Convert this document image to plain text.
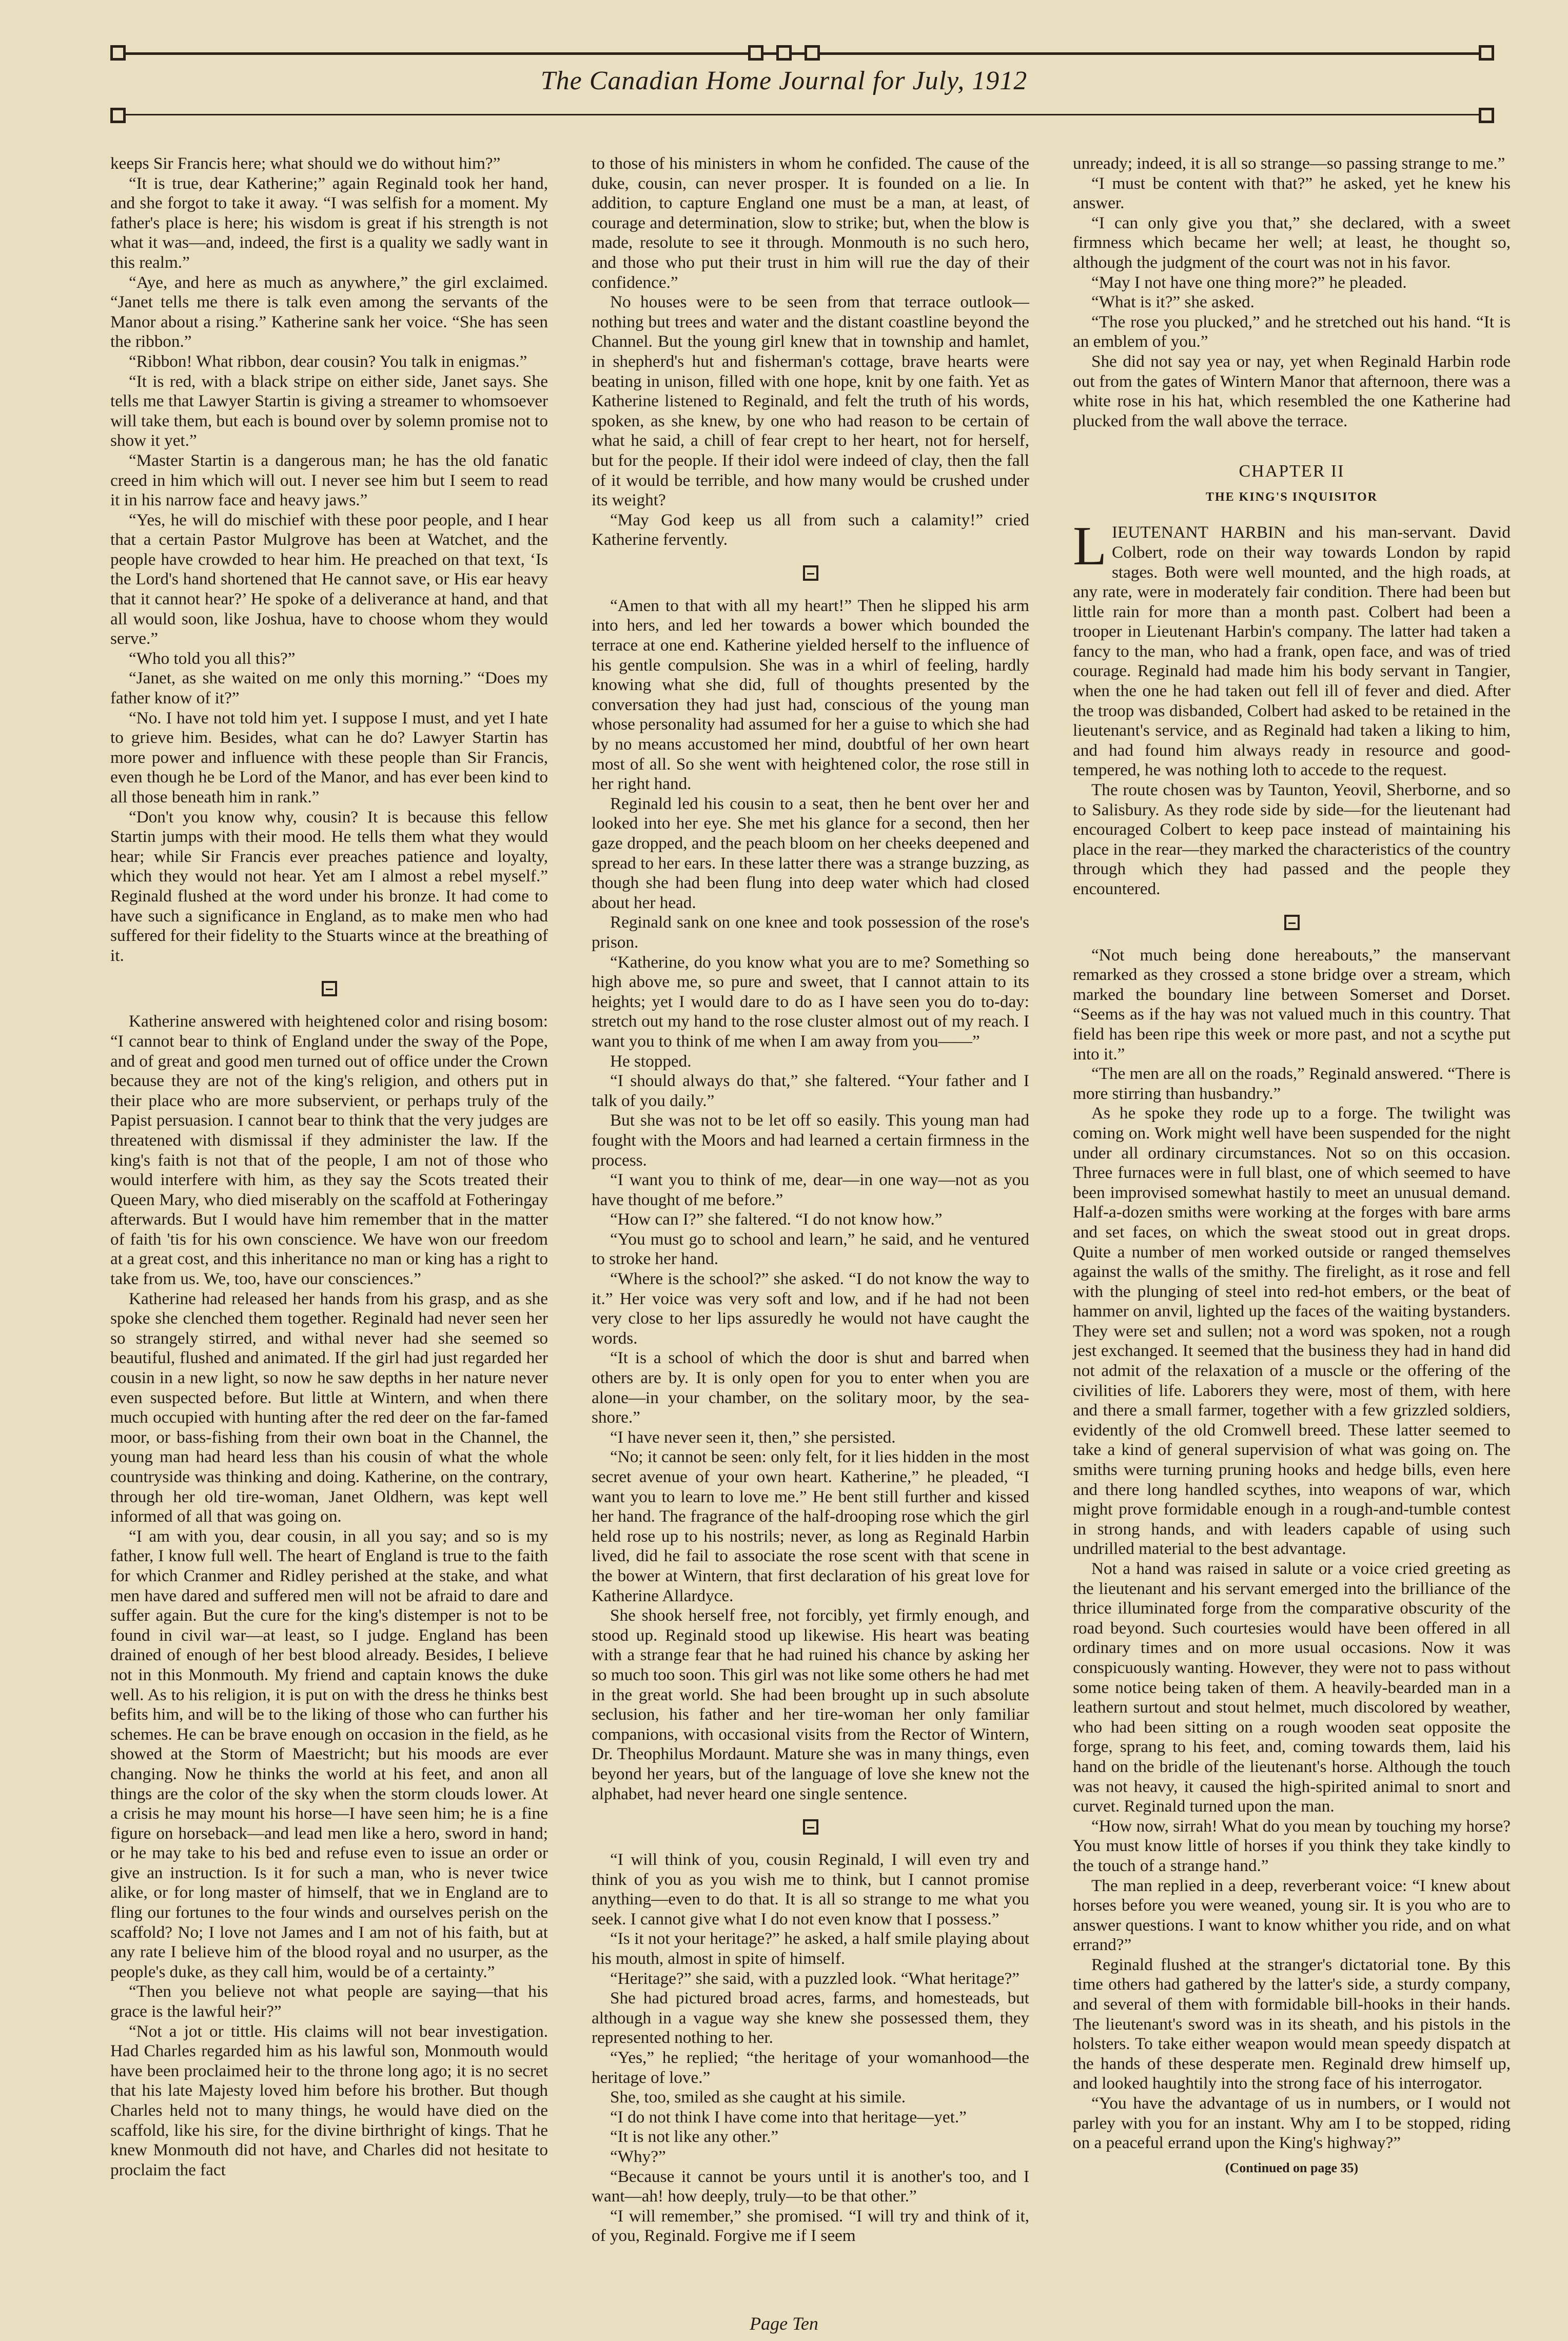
The Canadian Home Journal for July, 1912

keeps Sir Francis here; what should we do without him?”

“It is true, dear Katherine;” again Reginald took her hand, and she forgot to take it away. “I was selfish for a moment. My father's place is here; his wisdom is great if his strength is not what it was—and, indeed, the first is a quality we sadly want in this realm.”

“Aye, and here as much as anywhere,” the girl exclaimed. “Janet tells me there is talk even among the servants of the Manor about a rising.” Katherine sank her voice. “She has seen the ribbon.”

“Ribbon! What ribbon, dear cousin? You talk in enigmas.”

“It is red, with a black stripe on either side, Janet says. She tells me that Lawyer Startin is giving a streamer to whomsoever will take them, but each is bound over by solemn promise not to show it yet.”

“Master Startin is a dangerous man; he has the old fanatic creed in him which will out. I never see him but I seem to read it in his narrow face and heavy jaws.”

“Yes, he will do mischief with these poor people, and I hear that a certain Pastor Mulgrove has been at Watchet, and the people have crowded to hear him. He preached on that text, ‘Is the Lord's hand shortened that He cannot save, or His ear heavy that it cannot hear?’ He spoke of a deliverance at hand, and that all would soon, like Joshua, have to choose whom they would serve.”

“Who told you all this?”

“Janet, as she waited on me only this morning.” “Does my father know of it?”

“No. I have not told him yet. I suppose I must, and yet I hate to grieve him. Besides, what can he do? Lawyer Startin has more power and influence with these people than Sir Francis, even though he be Lord of the Manor, and has ever been kind to all those beneath him in rank.”

“Don't you know why, cousin? It is because this fellow Startin jumps with their mood. He tells them what they would hear; while Sir Francis ever preaches patience and loyalty, which they would not hear. Yet am I almost a rebel myself.” Reginald flushed at the word under his bronze. It had come to have such a significance in England, as to make men who had suffered for their fidelity to the Stuarts wince at the breathing of it.

Katherine answered with heightened color and rising bosom: “I cannot bear to think of England under the sway of the Pope, and of great and good men turned out of office under the Crown because they are not of the king's religion, and others put in their place who are more subservient, or perhaps truly of the Papist persuasion. I cannot bear to think that the very judges are threatened with dismissal if they administer the law. If the king's faith is not that of the people, I am not of those who would interfere with him, as they say the Scots treated their Queen Mary, who died miserably on the scaffold at Fotheringay afterwards. But I would have him remember that in the matter of faith 'tis for his own conscience. We have won our freedom at a great cost, and this inheritance no man or king has a right to take from us. We, too, have our consciences.”

Katherine had released her hands from his grasp, and as she spoke she clenched them together. Reginald had never seen her so strangely stirred, and withal never had she seemed so beautiful, flushed and animated. If the girl had just regarded her cousin in a new light, so now he saw depths in her nature never even suspected before. But little at Wintern, and when there much occupied with hunting after the red deer on the far-famed moor, or bass-fishing from their own boat in the Channel, the young man had heard less than his cousin of what the whole countryside was thinking and doing. Katherine, on the contrary, through her old tire-woman, Janet Oldhern, was kept well informed of all that was going on.

“I am with you, dear cousin, in all you say; and so is my father, I know full well. The heart of England is true to the faith for which Cranmer and Ridley perished at the stake, and what men have dared and suffered men will not be afraid to dare and suffer again. But the cure for the king's distemper is not to be found in civil war—at least, so I judge. England has been drained of enough of her best blood already. Besides, I believe not in this Monmouth. My friend and captain knows the duke well. As to his religion, it is put on with the dress he thinks best befits him, and will be to the liking of those who can further his schemes. He can be brave enough on occasion in the field, as he showed at the Storm of Maestricht; but his moods are ever changing. Now he thinks the world at his feet, and anon all things are the color of the sky when the storm clouds lower. At a crisis he may mount his horse—I have seen him; he is a fine figure on horseback—and lead men like a hero, sword in hand; or he may take to his bed and refuse even to issue an order or give an instruction. Is it for such a man, who is never twice alike, or for long master of himself, that we in England are to fling our fortunes to the four winds and ourselves perish on the scaffold? No; I love not James and I am not of his faith, but at any rate I believe him of the blood royal and no usurper, as the people's duke, as they call him, would be of a certainty.”

“Then you believe not what people are saying—that his grace is the lawful heir?”

“Not a jot or tittle. His claims will not bear investigation. Had Charles regarded him as his lawful son, Monmouth would have been proclaimed heir to the throne long ago; it is no secret that his late Majesty loved him before his brother. But though Charles held not to many things, he would have died on the scaffold, like his sire, for the divine birthright of kings. That he knew Monmouth did not have, and Charles did not hesitate to proclaim the fact

to those of his ministers in whom he confided. The cause of the duke, cousin, can never prosper. It is founded on a lie. In addition, to capture England one must be a man, at least, of courage and determination, slow to strike; but, when the blow is made, resolute to see it through. Monmouth is no such hero, and those who put their trust in him will rue the day of their confidence.”

No houses were to be seen from that terrace outlook—nothing but trees and water and the distant coastline beyond the Channel. But the young girl knew that in township and hamlet, in shepherd's hut and fisherman's cottage, brave hearts were beating in unison, filled with one hope, knit by one faith. Yet as Katherine listened to Reginald, and felt the truth of his words, spoken, as she knew, by one who had reason to be certain of what he said, a chill of fear crept to her heart, not for herself, but for the people. If their idol were indeed of clay, then the fall of it would be terrible, and how many would be crushed under its weight?

“May God keep us all from such a calamity!” cried Katherine fervently.

“Amen to that with all my heart!” Then he slipped his arm into hers, and led her towards a bower which bounded the terrace at one end. Katherine yielded herself to the influence of his gentle compulsion. She was in a whirl of feeling, hardly knowing what she did, full of thoughts presented by the conversation they had just had, conscious of the young man whose personality had assumed for her a guise to which she had by no means accustomed her mind, doubtful of her own heart most of all. So she went with heightened color, the rose still in her right hand.

Reginald led his cousin to a seat, then he bent over her and looked into her eye. She met his glance for a second, then her gaze dropped, and the peach bloom on her cheeks deepened and spread to her ears. In these latter there was a strange buzzing, as though she had been flung into deep water which had closed about her head.

Reginald sank on one knee and took possession of the rose's prison.

“Katherine, do you know what you are to me? Something so high above me, so pure and sweet, that I cannot attain to its heights; yet I would dare to do as I have seen you do to-day: stretch out my hand to the rose cluster almost out of my reach. I want you to think of me when I am away from you——”

He stopped.

“I should always do that,” she faltered. “Your father and I talk of you daily.”

But she was not to be let off so easily. This young man had fought with the Moors and had learned a certain firmness in the process.

“I want you to think of me, dear—in one way—not as you have thought of me before.”

“How can I?” she faltered. “I do not know how.”

“You must go to school and learn,” he said, and he ventured to stroke her hand.

“Where is the school?” she asked. “I do not know the way to it.” Her voice was very soft and low, and if he had not been very close to her lips assuredly he would not have caught the words.

“It is a school of which the door is shut and barred when others are by. It is only open for you to enter when you are alone—in your chamber, on the solitary moor, by the sea-shore.”

“I have never seen it, then,” she persisted.

“No; it cannot be seen: only felt, for it lies hidden in the most secret avenue of your own heart. Katherine,” he pleaded, “I want you to learn to love me.” He bent still further and kissed her hand. The fragrance of the half-drooping rose which the girl held rose up to his nostrils; never, as long as Reginald Harbin lived, did he fail to associate the rose scent with that scene in the bower at Wintern, that first declaration of his great love for Katherine Allardyce.

She shook herself free, not forcibly, yet firmly enough, and stood up. Reginald stood up likewise. His heart was beating with a strange fear that he had ruined his chance by asking her so much too soon. This girl was not like some others he had met in the great world. She had been brought up in such absolute seclusion, his father and her tire-woman her only familiar companions, with occasional visits from the Rector of Wintern, Dr. Theophilus Mordaunt. Mature she was in many things, even beyond her years, but of the language of love she knew not the alphabet, had never heard one single sentence.

“I will think of you, cousin Reginald, I will even try and think of you as you wish me to think, but I cannot promise anything—even to do that. It is all so strange to me what you seek. I cannot give what I do not even know that I possess.”

“Is it not your heritage?” he asked, a half smile playing about his mouth, almost in spite of himself.

“Heritage?” she said, with a puzzled look. “What heritage?”

She had pictured broad acres, farms, and homesteads, but although in a vague way she knew she possessed them, they represented nothing to her.

“Yes,” he replied; “the heritage of your womanhood—the heritage of love.”

She, too, smiled as she caught at his simile.

“I do not think I have come into that heritage—yet.”

“It is not like any other.”

“Why?”

“Because it cannot be yours until it is another's too, and I want—ah! how deeply, truly—to be that other.”

“I will remember,” she promised. “I will try and think of it, of you, Reginald. Forgive me if I seem

unready; indeed, it is all so strange—so passing strange to me.”

“I must be content with that?” he asked, yet he knew his answer.

“I can only give you that,” she declared, with a sweet firmness which became her well; at least, he thought so, although the judgment of the court was not in his favor.

“May I not have one thing more?” he pleaded.

“What is it?” she asked.

“The rose you plucked,” and he stretched out his hand. “It is an emblem of you.”

She did not say yea or nay, yet when Reginald Harbin rode out from the gates of Wintern Manor that afternoon, there was a white rose in his hat, which resembled the one Katherine had plucked from the wall above the terrace.

CHAPTER II
THE KING'S INQUISITOR

LIEUTENANT HARBIN and his man-servant. David Colbert, rode on their way towards London by rapid stages. Both were well mounted, and the high roads, at any rate, were in moderately fair condition. There had been but little rain for more than a month past. Colbert had been a trooper in Lieutenant Harbin's company. The latter had taken a fancy to the man, who had a frank, open face, and was of tried courage. Reginald had made him his body servant in Tangier, when the one he had taken out fell ill of fever and died. After the troop was disbanded, Colbert had asked to be retained in the lieutenant's service, and as Reginald had taken a liking to him, and had found him always ready in resource and good-tempered, he was nothing loth to accede to the request.

The route chosen was by Taunton, Yeovil, Sherborne, and so to Salisbury. As they rode side by side—for the lieutenant had encouraged Colbert to keep pace instead of maintaining his place in the rear—they marked the characteristics of the country through which they had passed and the people they encountered.

“Not much being done hereabouts,” the manservant remarked as they crossed a stone bridge over a stream, which marked the boundary line between Somerset and Dorset. “Seems as if the hay was not valued much in this country. That field has been ripe this week or more past, and not a scythe put into it.”

“The men are all on the roads,” Reginald answered. “There is more stirring than husbandry.”

As he spoke they rode up to a forge. The twilight was coming on. Work might well have been suspended for the night under all ordinary circumstances. Not so on this occasion. Three furnaces were in full blast, one of which seemed to have been improvised somewhat hastily to meet an unusual demand. Half-a-dozen smiths were working at the forges with bare arms and set faces, on which the sweat stood out in great drops. Quite a number of men worked outside or ranged themselves against the walls of the smithy. The firelight, as it rose and fell with the plunging of steel into red-hot embers, or the beat of hammer on anvil, lighted up the faces of the waiting bystanders. They were set and sullen; not a word was spoken, not a rough jest exchanged. It seemed that the business they had in hand did not admit of the relaxation of a muscle or the offering of the civilities of life. Laborers they were, most of them, with here and there a small farmer, together with a few grizzled soldiers, evidently of the old Cromwell breed. These latter seemed to take a kind of general supervision of what was going on. The smiths were turning pruning hooks and hedge bills, even here and there long handled scythes, into weapons of war, which might prove formidable enough in a rough-and-tumble contest in strong hands, and with leaders capable of using such undrilled material to the best advantage.

Not a hand was raised in salute or a voice cried greeting as the lieutenant and his servant emerged into the brilliance of the thrice illuminated forge from the comparative obscurity of the road beyond. Such courtesies would have been offered in all ordinary times and on more usual occasions. Now it was conspicuously wanting. However, they were not to pass without some notice being taken of them. A heavily-bearded man in a leathern surtout and stout helmet, much discolored by weather, who had been sitting on a rough wooden seat opposite the forge, sprang to his feet, and, coming towards them, laid his hand on the bridle of the lieutenant's horse. Although the touch was not heavy, it caused the high-spirited animal to snort and curvet. Reginald turned upon the man.

“How now, sirrah! What do you mean by touching my horse? You must know little of horses if you think they take kindly to the touch of a strange hand.”

The man replied in a deep, reverberant voice: “I knew about horses before you were weaned, young sir. It is you who are to answer questions. I want to know whither you ride, and on what errand?”

Reginald flushed at the stranger's dictatorial tone. By this time others had gathered by the latter's side, a sturdy company, and several of them with formidable bill-hooks in their hands. The lieutenant's sword was in its sheath, and his pistols in the holsters. To take either weapon would mean speedy dispatch at the hands of these desperate men. Reginald drew himself up, and looked haughtily into the strong face of his interrogator.

“You have the advantage of us in numbers, or I would not parley with you for an instant. Why am I to be stopped, riding on a peaceful errand upon the King's highway?”

(Continued on page 35)
Page Ten
